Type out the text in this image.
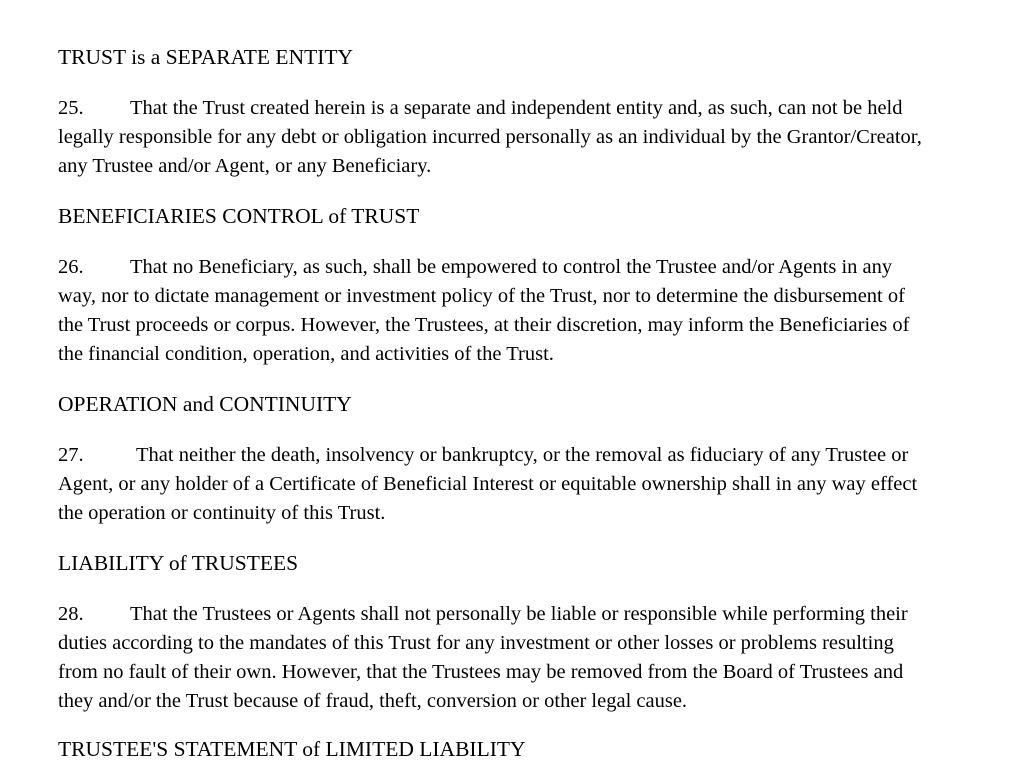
TRUST is a SEPARATE ENTITY
25. That the Trust created herein is a separate and independent entity and, as such, can not be held
legally responsible for any debt or obligation incurred personally as an individual by the Grantor/Creator,
any Trustee and/or Agent, or any Beneficiary.
BENEFICIARIES CONTROL of TRUST
26. That no Beneficiary, as such, shall be empowered to control the Trustee and/or Agents in any
way, nor to dictate management or investment policy of the Trust, nor to determine the disbursement of
the Trust proceeds or corpus. However, the Trustees, at their discretion, may inform the Beneficiaries of
the financial condition, operation, and activities of the Trust.
OPERATION and CONTINUITY
27.	That neither the death, insolvency or bankruptcy, or the removal as fiduciary of any Trustee or
Agent, or any holder of a Certificate of Beneficial Interest or equitable ownership shall in any way effect
the operation or continuity of this Trust.
LIABILITY of TRUSTEES
28. That the Trustees or Agents shall not personally be liable or responsible while performing their
duties according to the mandates of this Trust for any investment or other losses or problems resulting
from no fault of their own. However, that the Trustees may be removed from the Board of Trustees and
they and/or the Trust because of fraud, theft, conversion or other legal cause.
TRUSTEE'S STATEMENT of LIMITED LIABILITY
